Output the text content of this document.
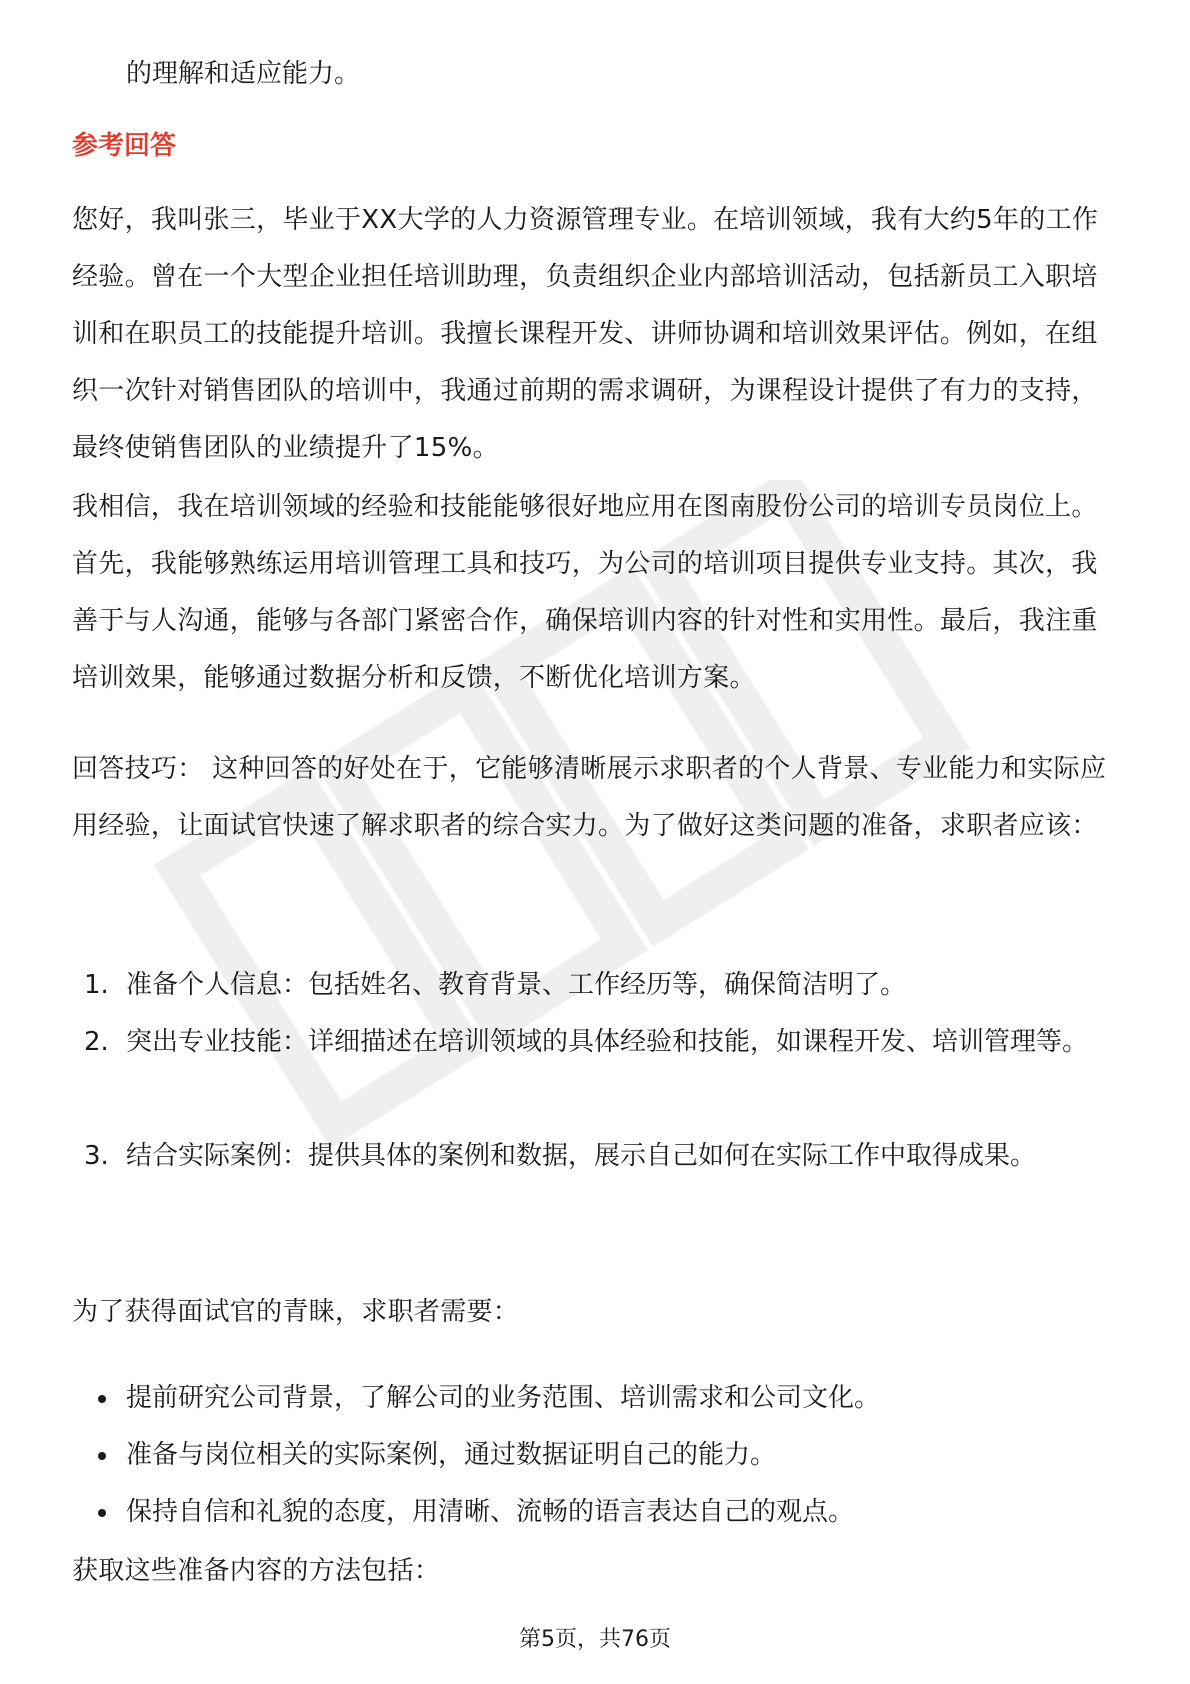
的理解和适应能力。

参考回答

您好，我叫张三，毕业于XX大学的人力资源管理专业。在培训领域，我有大约5年的工作经验。曾在一个大型企业担任培训助理，负责组织企业内部培训活动，包括新员工入职培训和在职员工的技能提升培训。我擅长课程开发、讲师协调和培训效果评估。例如，在组织一次针对销售团队的培训中，我通过前期的需求调研，为课程设计提供了有力的支持，最终使销售团队的业绩提升了15%。

我相信，我在培训领域的经验和技能能够很好地应用在图南股份公司的培训专员岗位上。首先，我能够熟练运用培训管理工具和技巧，为公司的培训项目提供专业支持。其次，我善于与人沟通，能够与各部门紧密合作，确保培训内容的针对性和实用性。最后，我注重培训效果，能够通过数据分析和反馈，不断优化培训方案。

回答技巧： 这种回答的好处在于，它能够清晰展示求职者的个人背景、专业能力和实际应用经验，让面试官快速了解求职者的综合实力。为了做好这类问题的准备，求职者应该：

1. 准备个人信息：包括姓名、教育背景、工作经历等，确保简洁明了。
2. 突出专业技能：详细描述在培训领域的具体经验和技能，如课程开发、培训管理等。
3. 结合实际案例：提供具体的案例和数据，展示自己如何在实际工作中取得成果。

为了获得面试官的青睐，求职者需要：

提前研究公司背景，了解公司的业务范围、培训需求和公司文化。
准备与岗位相关的实际案例，通过数据证明自己的能力。
保持自信和礼貌的态度，用清晰、流畅的语言表达自己的观点。

获取这些准备内容的方法包括：

第5页，共76页
